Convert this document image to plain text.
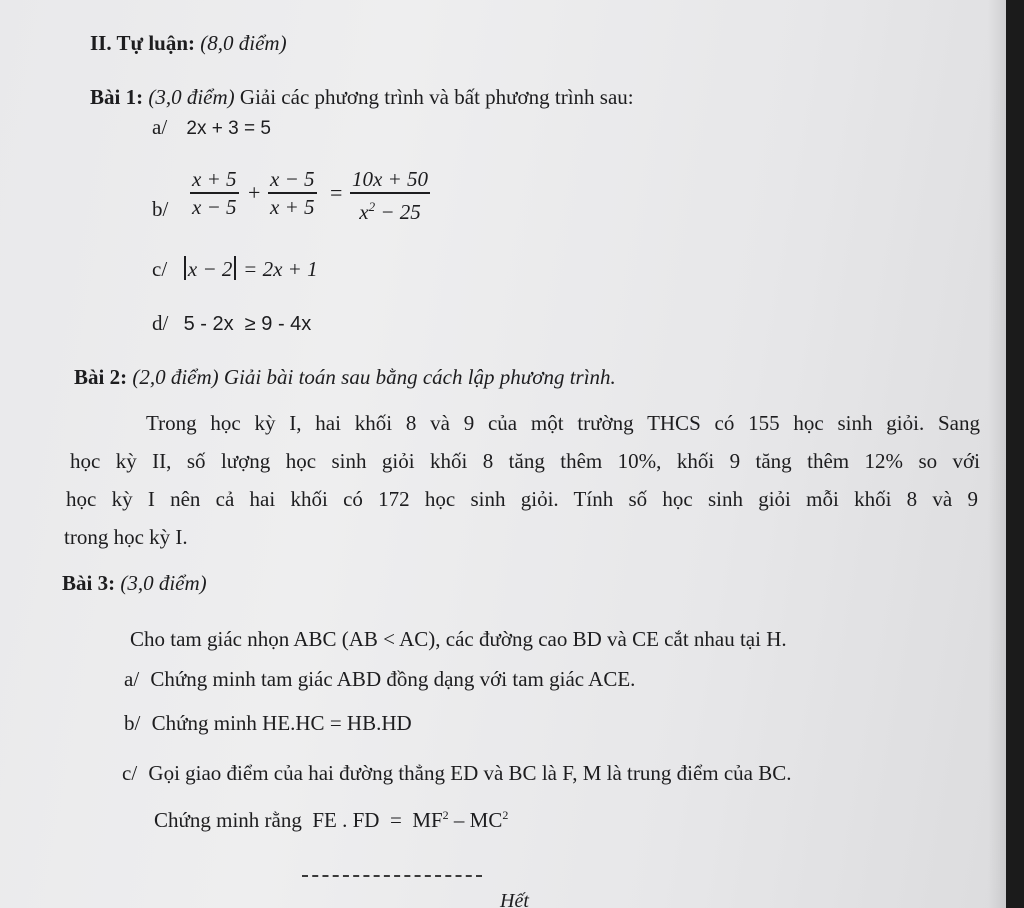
II. Tự luận: (8,0 điểm)
Bài 1: (3,0 điểm) Giải các phương trình và bất phương trình sau:
a/ 2x + 3 = 5
b/
x + 5
x − 5
+
x − 5
x + 5
=
10x + 50
$x^2 - 25$
c/ x − 2 = 2x + 1
d/ 5 - 2x  ≥ 9 - 4x
Bài 2: (2,0 điểm) Giải bài toán sau bằng cách lập phương trình.
Trong học kỳ I, hai khối 8 và 9 của một trường THCS có 155 học sinh giỏi. Sang
học kỳ II, số lượng học sinh giỏi khối 8 tăng thêm 10%, khối 9 tăng thêm 12% so với
học kỳ I nên cả hai khối có 172 học sinh giỏi. Tính số học sinh giỏi mỗi khối 8 và 9
trong học kỳ I.
Bài 3: (3,0 điểm)
Cho tam giác nhọn ABC (AB < AC), các đường cao BD và CE cắt nhau tại H.
a/ Chứng minh tam giác ABD đồng dạng với tam giác ACE.
b/ Chứng minh HE.HC = HB.HD
c/ Gọi giao điểm của hai đường thẳng ED và BC là F, M là trung điểm của BC.
Chứng minh rằng  FE . FD  =  $MF^2 - MC^2$
Hết
